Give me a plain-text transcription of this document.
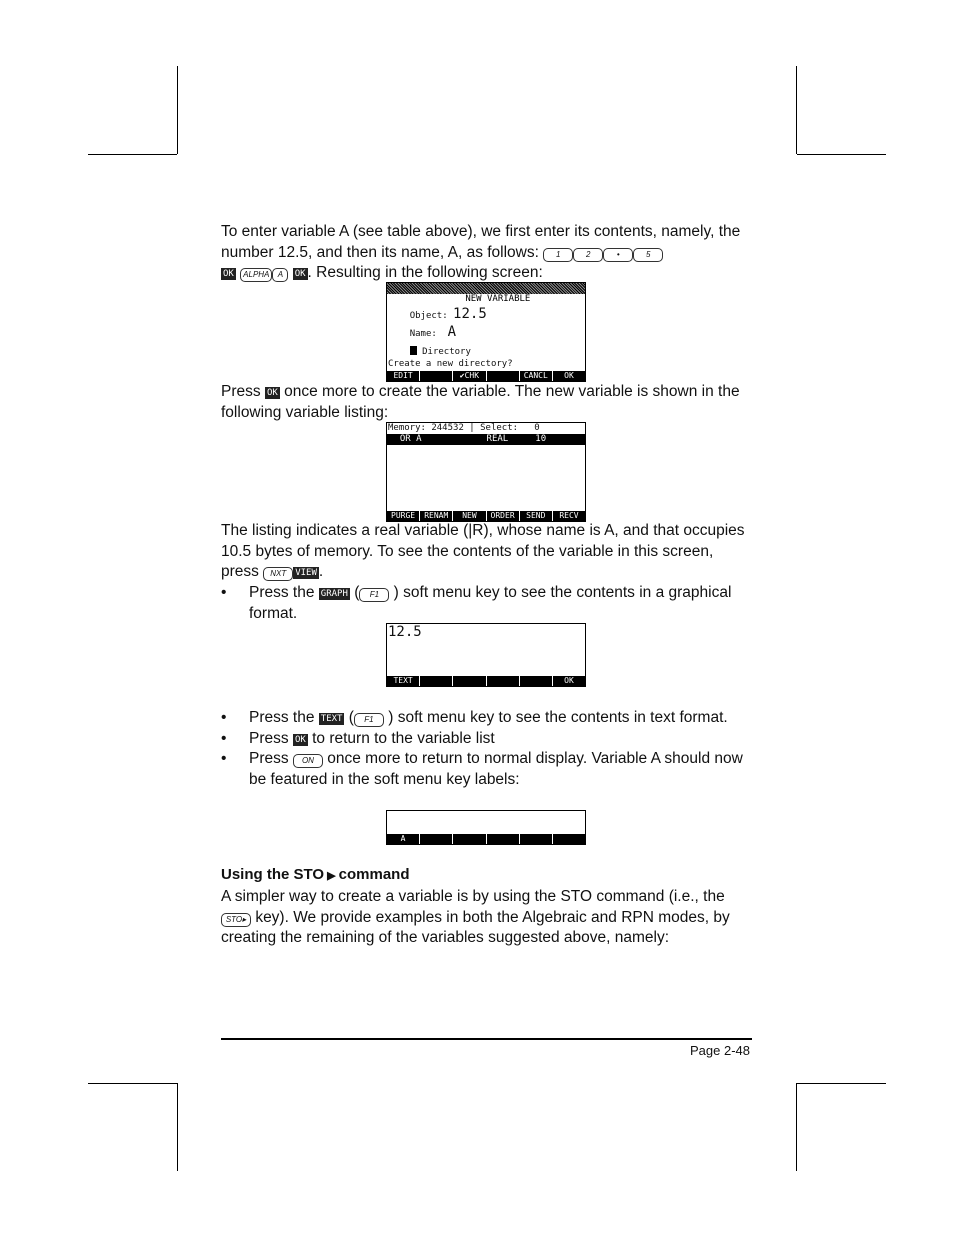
To enter variable A (see table above), we first enter its contents, namely, the
number 12.5, and then its name, A, as follows: 1	2	•	5
OK ALPHA A OK . Resulting in the following screen:

NEW VARIABLE

Object: 12.5

Name: A

Directory

Create a new directory?
EDIT	✔CHK	CANCL	OK
Press OK once more to create the variable. The new variable is shown in the
following variable listing:
Memory: 244532 | Select:   0
OR A            REAL     10
PURGE	RENAM	NEW	ORDER	SEND	RECV
The listing indicates a real variable (|R), whose name is A, and that occupies
10.5 bytes of memory. To see the contents of the variable in this screen,
press NXT VIEW .
• Press the GRAPH ( F1 ) soft menu key to see the contents in a graphical
format.
12.5
TEXT	OK
• Press the TEXT ( F1 ) soft menu key to see the contents in text format.
• Press OK to return to the variable list
• Press ON once more to return to normal display. Variable A should now
be featured in the soft menu key labels:
A
Using the STO ▶ command
A simpler way to create a variable is by using the STO command (i.e., the
STO▸ key). We provide examples in both the Algebraic and RPN modes, by
creating the remaining of the variables suggested above, namely:
Page 2-48
